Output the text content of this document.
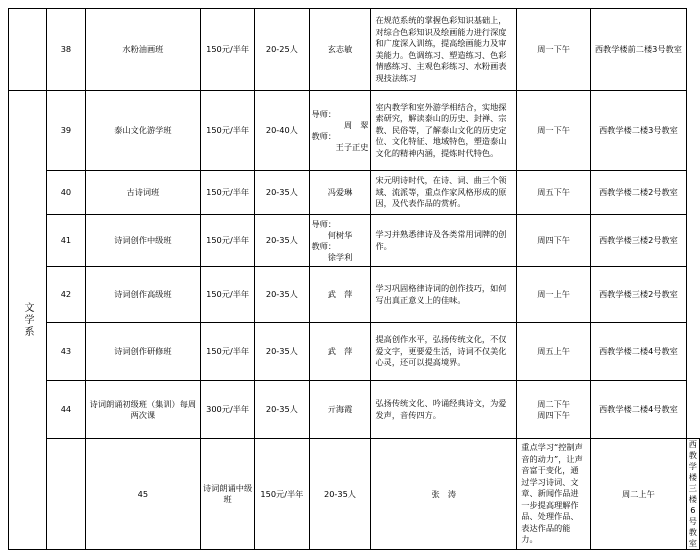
	38	水粉油画班	150元/半年	20-25人	玄志敏	在规范系统的掌握色彩知识基础上，对综合色彩知识及绘画能力进行深度和广度深入训练，提高绘画能力及审美能力。色调练习、塑造练习、色彩情感练习、主观色彩练习、水粉画表现技法练习	周一下午	西教学楼前二楼3号教室	
文学系	39	泰山文化游学班	150元/半年	20-40人	导师：
周　翠
教师：
王子正史	室内教学和室外游学相结合，实地探索研究，解读泰山的历史、封禅、宗教、民俗等，了解泰山文化的历史定位、文化特征、地域特色，塑造泰山文化的精神内涵，提炼时代特色。	周一下午	西教学楼二楼3号教室	
	40	古诗词班	150元/半年	20-35人	冯爱琳	宋元明诗时代，在诗、词、曲三个领域、流派等，重点作家风格形成的原因，及代表作品的赏析。	周五下午	西教学楼二楼2号教室	
	41	诗词创作中级班	150元/半年	20-35人	导师：
何树华
教师：
徐学利	学习并熟悉律诗及各类常用词牌的创作。	周四下午	西教学楼三楼2号教室	
	42	诗词创作高级班	150元/半年	20-35人	武　萍	学习巩固格律诗词的创作技巧，如何写出真正意义上的佳味。	周一上午	西教学楼三楼2号教室	
	43	诗词创作研修班	150元/半年	20-35人	武　萍	提高创作水平，弘扬传统文化，不仅爱文字，更要爱生活，诗词不仅美化心灵，还可以提高境界。	周五上午	西教学楼二楼4号教室	
	44	诗词朗诵初级班（集训）每周两次课	300元/半年	20-35人	亓海霞	弘扬传统文化、吟诵经典诗文，为爱发声，音传四方。	周二下午
周四下午	西教学楼二楼4号教室	
		45	诗词朗诵中级班	150元/半年	20-35人	张　涛	重点学习“控制声音的动力”，让声音富于变化，通过学习诗词、文章、新闻作品进一步提高理解作品、处理作品、表达作品的能力。	周二上午	西教学楼三楼6号教室
